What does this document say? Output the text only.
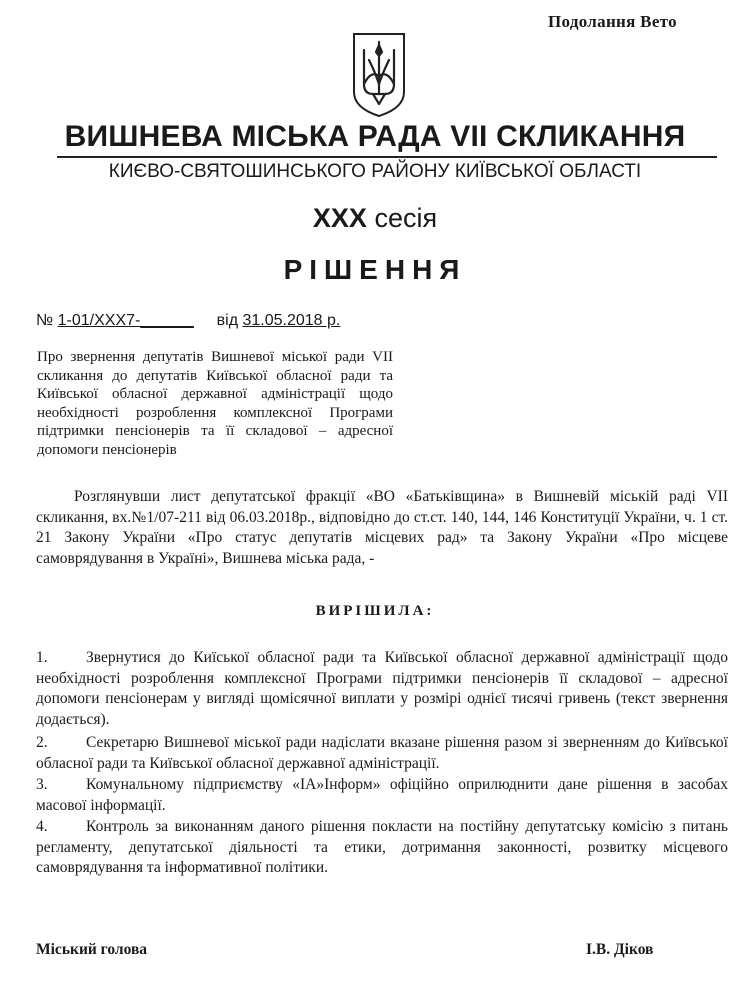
Подолання Вето
ВИШНЕВА МІСЬКА РАДА VII СКЛИКАННЯ
КИЄВО-СВЯТОШИНСЬКОГО РАЙОНУ КИЇВСЬКОЇ ОБЛАСТІ
ХХХ сесія
РІШЕННЯ
№ 1-01/ХХХ7-______ від 31.05.2018 р.
Про звернення депутатів Вишневої міської ради VII скликання до депутатів Київської обласної ради та Київської обласної державної адміністрації щодо необхідності розроблення комплексної Програми підтримки пенсіонерів та її складової – адресної допомоги пенсіонерів
Розглянувши лист депутатської фракції «ВО «Батьківщина» в Вишневій міській раді VII скликання, вх.№1/07-211 від 06.03.2018р., відповідно до ст.ст. 140, 144, 146 Конституції України, ч. 1 ст. 21 Закону України «Про статус депутатів місцевих рад» та Закону України «Про місцеве самоврядування в Україні», Вишнева міська рада, -
ВИРІШИЛА:
1. Звернутися до Киїської обласної ради та Київської обласної державної адміністрації щодо необхідності розроблення комплексної Програми підтримки пенсіонерів її складової – адресної допомоги пенсіонерам у вигляді щомісячної виплати у розмірі однієї тисячі гривень (текст звернення додається).
2. Секретарю Вишневої міської ради надіслати вказане рішення разом зі зверненням до Київської обласної ради та Київської обласної державної адміністрації.
3. Комунальному підприємству «ІА»Інформ» офіційно оприлюднити дане рішення в засобах масової інформації.
4. Контроль за виконанням даного рішення покласти на постійну депутатську комісію з питань регламенту, депутатської діяльності та етики, дотримання законності, розвитку місцевого самоврядування та інформативної політики.
Міський голова	І.В. Діков
